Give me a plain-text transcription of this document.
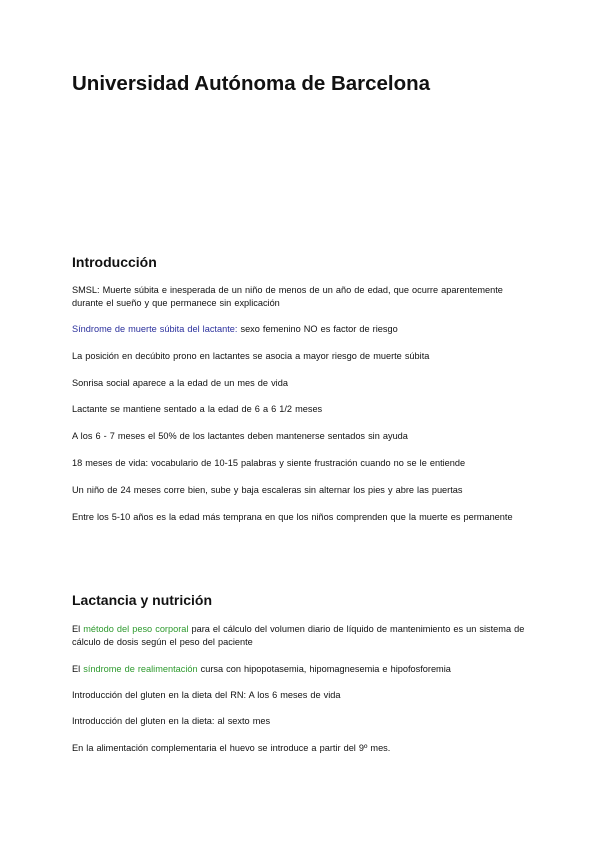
Universidad Autónoma de Barcelona
Introducción

SMSL: Muerte súbita e inesperada de un niño de menos de un año de edad, que ocurre aparentemente durante el sueño y que permanece sin explicación

Síndrome de muerte súbita del lactante: sexo femenino NO es factor de riesgo

La posición en decúbito prono en lactantes se asocia a mayor riesgo de muerte súbita

Sonrisa social aparece a la edad de un mes de vida

Lactante se mantiene sentado a la edad de 6 a 6 1/2 meses

A los 6 - 7 meses el 50% de los lactantes deben mantenerse sentados sin ayuda

18 meses de vida: vocabulario de 10-15 palabras y siente frustración cuando no se le entiende

Un niño de 24 meses corre bien, sube y baja escaleras sin alternar los pies y abre las puertas

Entre los 5-10 años es la edad más temprana en que los niños comprenden que la muerte es permanente

Lactancia y nutrición

El método del peso corporal para el cálculo del volumen diario de líquido de mantenimiento es un sistema de cálculo de dosis según el peso del paciente

El síndrome de realimentación cursa con hipopotasemia, hipomagnesemia e hipofosforemia

Introducción del gluten en la dieta del RN: A los 6 meses de vida

Introducción del gluten en la dieta: al sexto mes

En la alimentación complementaria el huevo se introduce a partir del 9º mes.
